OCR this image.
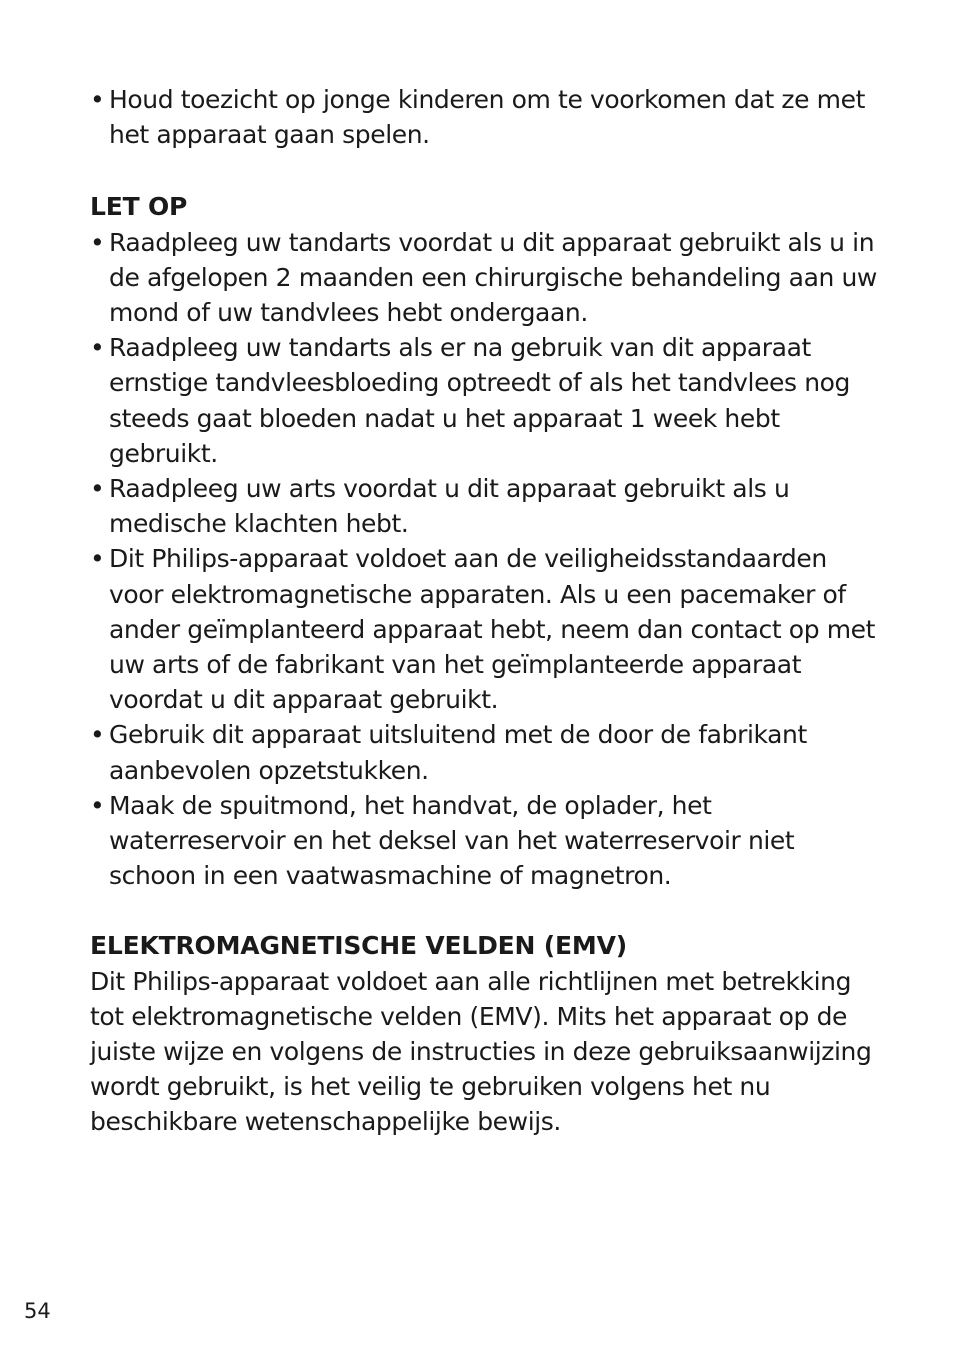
• Houd toezicht op jonge kinderen om te voorkomen dat ze met het apparaat gaan spelen.
LET OP
• Raadpleeg uw tandarts voordat u dit apparaat gebruikt als u in de afgelopen 2 maanden een chirurgische behandeling aan uw mond of uw tandvlees hebt ondergaan.
• Raadpleeg uw tandarts als er na gebruik van dit apparaat ernstige tandvleesbloeding optreedt of als het tandvlees nog steeds gaat bloeden nadat u het apparaat 1 week hebt gebruikt.
• Raadpleeg uw arts voordat u dit apparaat gebruikt als u medische klachten hebt.
• Dit Philips-apparaat voldoet aan de veiligheidsstandaarden voor elektromagnetische apparaten. Als u een pacemaker of ander geïmplanteerd apparaat hebt, neem dan contact op met uw arts of de fabrikant van het geïmplanteerde apparaat voordat u dit apparaat gebruikt.
• Gebruik dit apparaat uitsluitend met de door de fabrikant aanbevolen opzetstukken.
• Maak de spuitmond, het handvat, de oplader, het waterreservoir en het deksel van het waterreservoir niet schoon in een vaatwasmachine of magnetron.
ELEKTROMAGNETISCHE VELDEN (EMV)

Dit Philips-apparaat voldoet aan alle richtlijnen met betrekking tot elektromagnetische velden (EMV). Mits het apparaat op de juiste wijze en volgens de instructies in deze gebruiksaanwijzing wordt gebruikt, is het veilig te gebruiken volgens het nu beschikbare wetenschappelijke bewijs.

54
